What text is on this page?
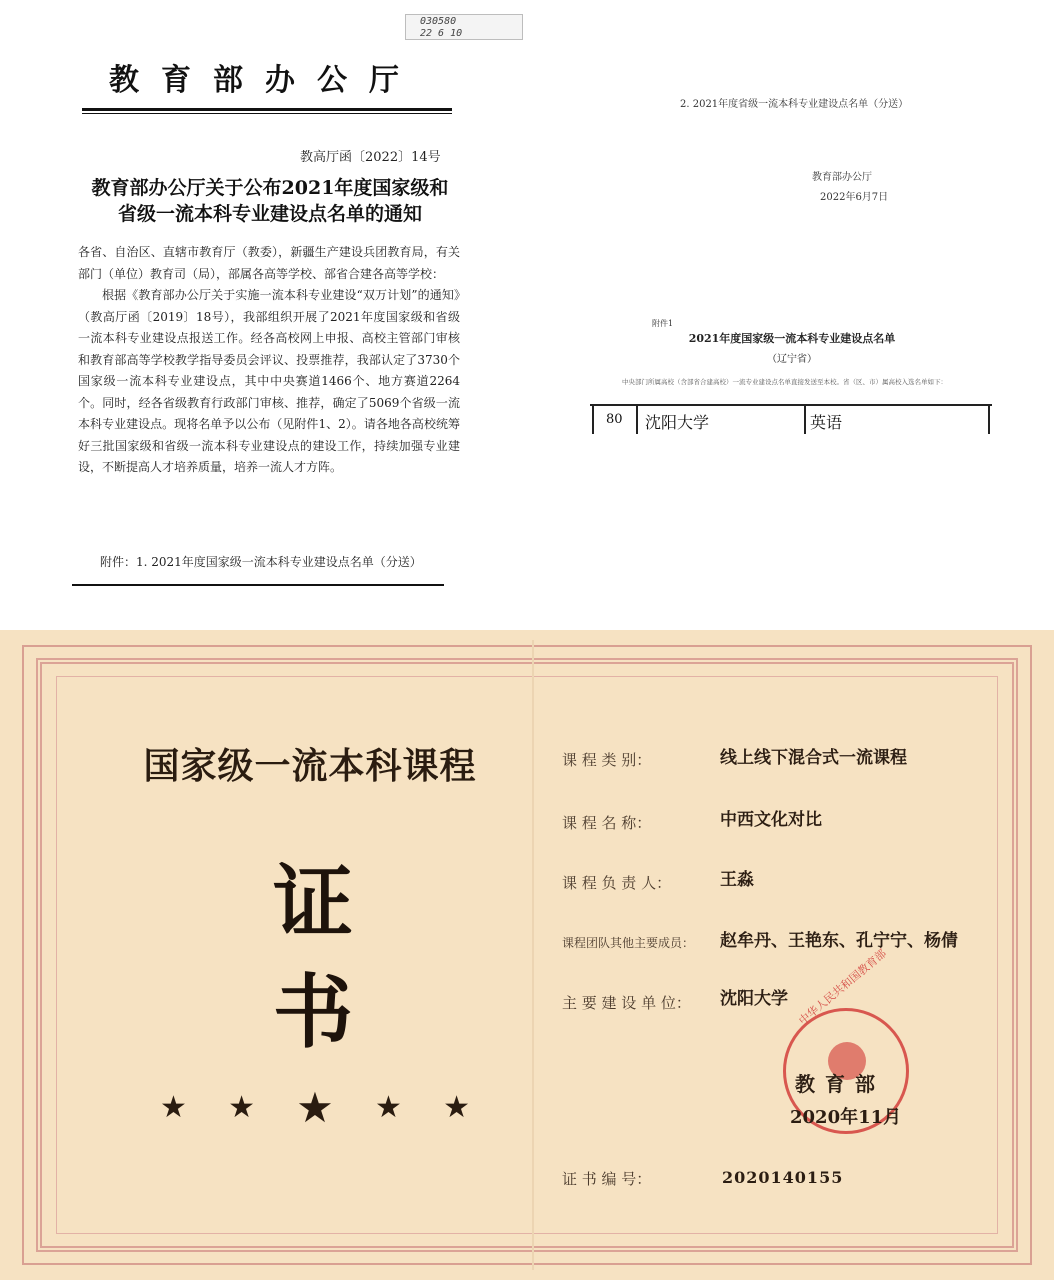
030580
22 6 10
教育部办公厅
教高厅函〔2022〕14号
教育部办公厅关于公布2021年度国家级和
省级一流本科专业建设点名单的通知

各省、自治区、直辖市教育厅（教委），新疆生产建设兵团教育局，有关部门（单位）教育司（局），部属各高等学校、部省合建各高等学校：

根据《教育部办公厅关于实施一流本科专业建设“双万计划”的通知》（教高厅函〔2019〕18号），我部组织开展了2021年度国家级和省级一流本科专业建设点报送工作。经各高校网上申报、高校主管部门审核和教育部高等学校教学指导委员会评议、投票推荐，我部认定了3730个国家级一流本科专业建设点，其中中央赛道1466个、地方赛道2264个。同时，经各省级教育行政部门审核、推荐，确定了5069个省级一流本科专业建设点。现将名单予以公布（见附件1、2）。请各地各高校统筹好三批国家级和省级一流本科专业建设点的建设工作，持续加强专业建设，不断提高人才培养质量，培养一流人才方阵。

附件：1. 2021年度国家级一流本科专业建设点名单（分送）
2. 2021年度省级一流本科专业建设点名单（分送）
教育部办公厅
2022年6月7日
附件1
2021年度国家级一流本科专业建设点名单
（辽宁省）
中央部门所属高校（含部省合建高校）一流专业建设点名单直接发送至本校。省（区、市）属高校入选名单如下：
80 沈阳大学	英语
国家级一流本科课程
证
书
★ ★ ★ ★ ★
课 程 类 别：	线上线下混合式一流课程
课 程 名 称：	中西文化对比
课 程 负 责 人：	王淼
课程团队其他主要成员： 赵牟丹、王艳东、孔宁宁、杨倩
主 要 建 设 单 位： 沈阳大学 中华人民共和国教育部
教育部
2020年11月
证 书 编 号：	2020140155
